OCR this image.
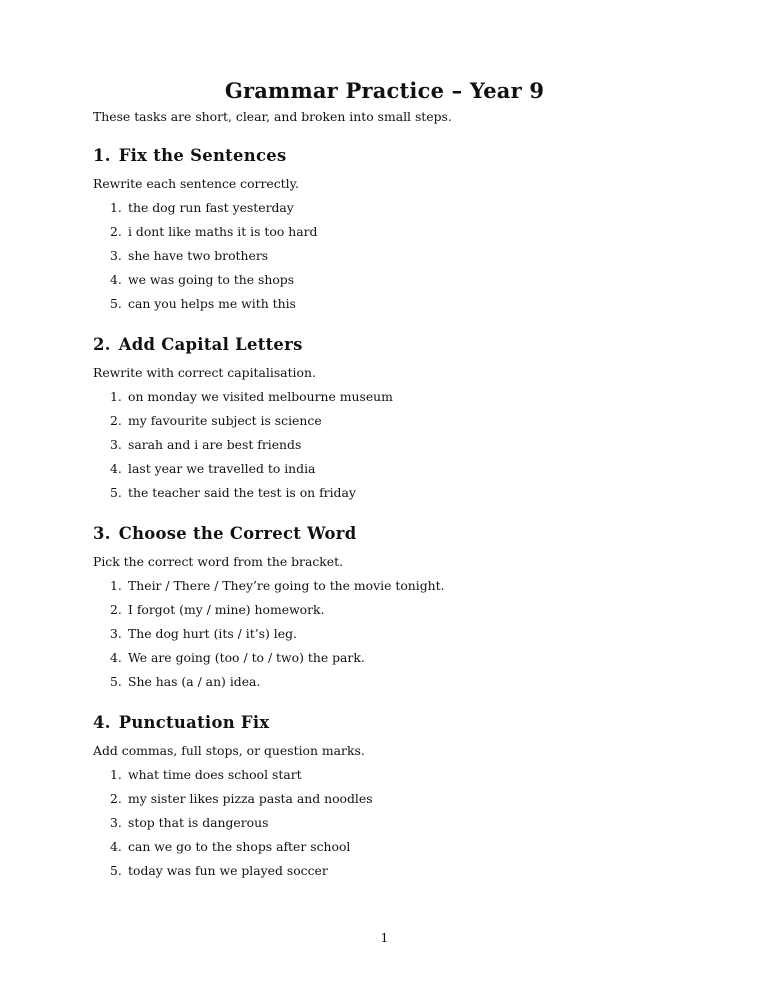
Grammar Practice – Year 9

These tasks are short, clear, and broken into small steps.

1. Fix the Sentences

Rewrite each sentence correctly.

1. the dog run fast yesterday
2. i dont like maths it is too hard
3. she have two brothers
4. we was going to the shops
5. can you helps me with this
2. Add Capital Letters

Rewrite with correct capitalisation.

1. on monday we visited melbourne museum
2. my favourite subject is science
3. sarah and i are best friends
4. last year we travelled to india
5. the teacher said the test is on friday
3. Choose the Correct Word

Pick the correct word from the bracket.

1. Their / There / They’re going to the movie tonight.
2. I forgot (my / mine) homework.
3. The dog hurt (its / it’s) leg.
4. We are going (too / to / two) the park.
5. She has (a / an) idea.
4. Punctuation Fix

Add commas, full stops, or question marks.

1. what time does school start
2. my sister likes pizza pasta and noodles
3. stop that is dangerous
4. can we go to the shops after school
5. today was fun we played soccer

1
